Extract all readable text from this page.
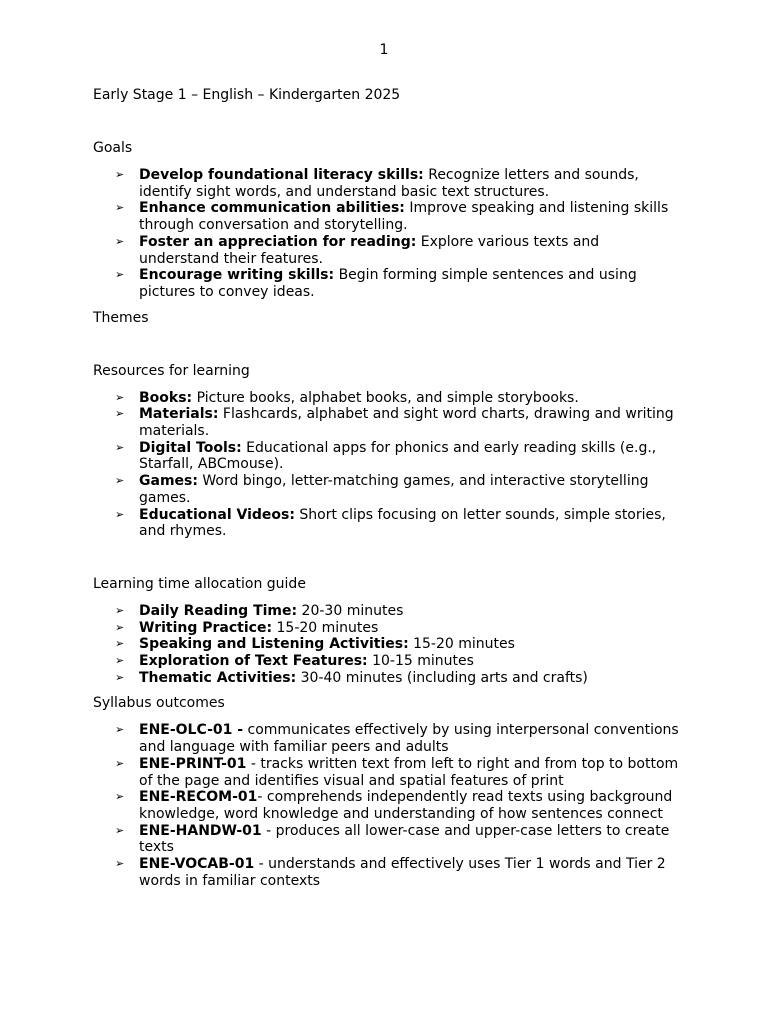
1

Early Stage 1 – English – Kindergarten 2025

Goals

➢ Develop foundational literacy skills: Recognize letters and sounds, identify sight words, and understand basic text structures.
➢ Enhance communication abilities: Improve speaking and listening skills through conversation and storytelling.
➢ Foster an appreciation for reading: Explore various texts and understand their features.
➢ Encourage writing skills: Begin forming simple sentences and using pictures to convey ideas.

Themes

Resources for learning

➢ Books: Picture books, alphabet books, and simple storybooks.
➢ Materials: Flashcards, alphabet and sight word charts, drawing and writing materials.
➢ Digital Tools: Educational apps for phonics and early reading skills (e.g., Starfall, ABCmouse).
➢ Games: Word bingo, letter-matching games, and interactive storytelling games.
➢ Educational Videos: Short clips focusing on letter sounds, simple stories, and rhymes.

Learning time allocation guide

➢ Daily Reading Time: 20-30 minutes
➢ Writing Practice: 15-20 minutes
➢ Speaking and Listening Activities: 15-20 minutes
➢ Exploration of Text Features: 10-15 minutes
➢ Thematic Activities: 30-40 minutes (including arts and crafts)

Syllabus outcomes

➢ ENE-OLC-01 - communicates effectively by using interpersonal conventions and language with familiar peers and adults
➢ ENE-PRINT-01 - tracks written text from left to right and from top to bottom of the page and identifies visual and spatial features of print
➢ ENE-RECOM-01- comprehends independently read texts using background knowledge, word knowledge and understanding of how sentences connect
➢ ENE-HANDW-01 - produces all lower-case and upper-case letters to create texts
➢ ENE-VOCAB-01 - understands and effectively uses Tier 1 words and Tier 2 words in familiar contexts
